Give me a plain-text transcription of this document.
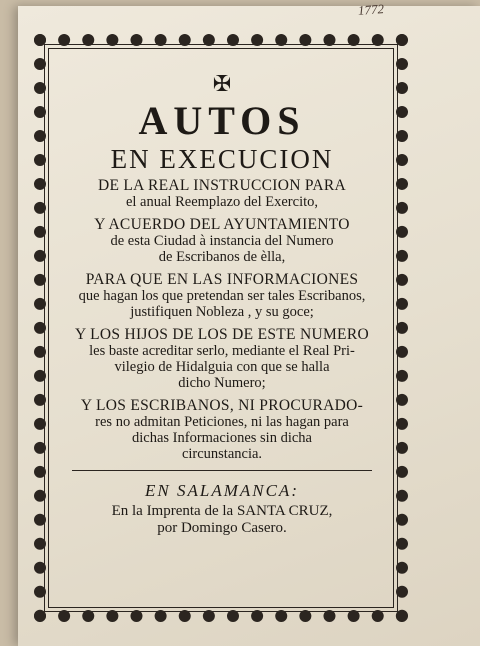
1772
✠
AUTOS
EN EXECUCION

DE LA REAL INSTRUCCION PARA
el anual Reemplazo del Exercito,

Y ACUERDO DEL AYUNTAMIENTO
de esta Ciudad à instancia del Numero
de Escribanos de èlla,

PARA QUE EN LAS INFORMACIONES
que hagan los que pretendan ser tales Escribanos,
justifiquen Nobleza , y su goce;

Y LOS HIJOS DE LOS DE ESTE NUMERO
les baste acreditar serlo, mediante el Real Pri-
vilegio de Hidalguia con que se halla
dicho Numero;

Y LOS ESCRIBANOS, NI PROCURADO-
res no admitan Peticiones, ni las hagan para
dichas Informaciones sin dicha
circunstancia.

EN SALAMANCA:

En la Imprenta de la SANTA CRUZ,

por Domingo Casero.
